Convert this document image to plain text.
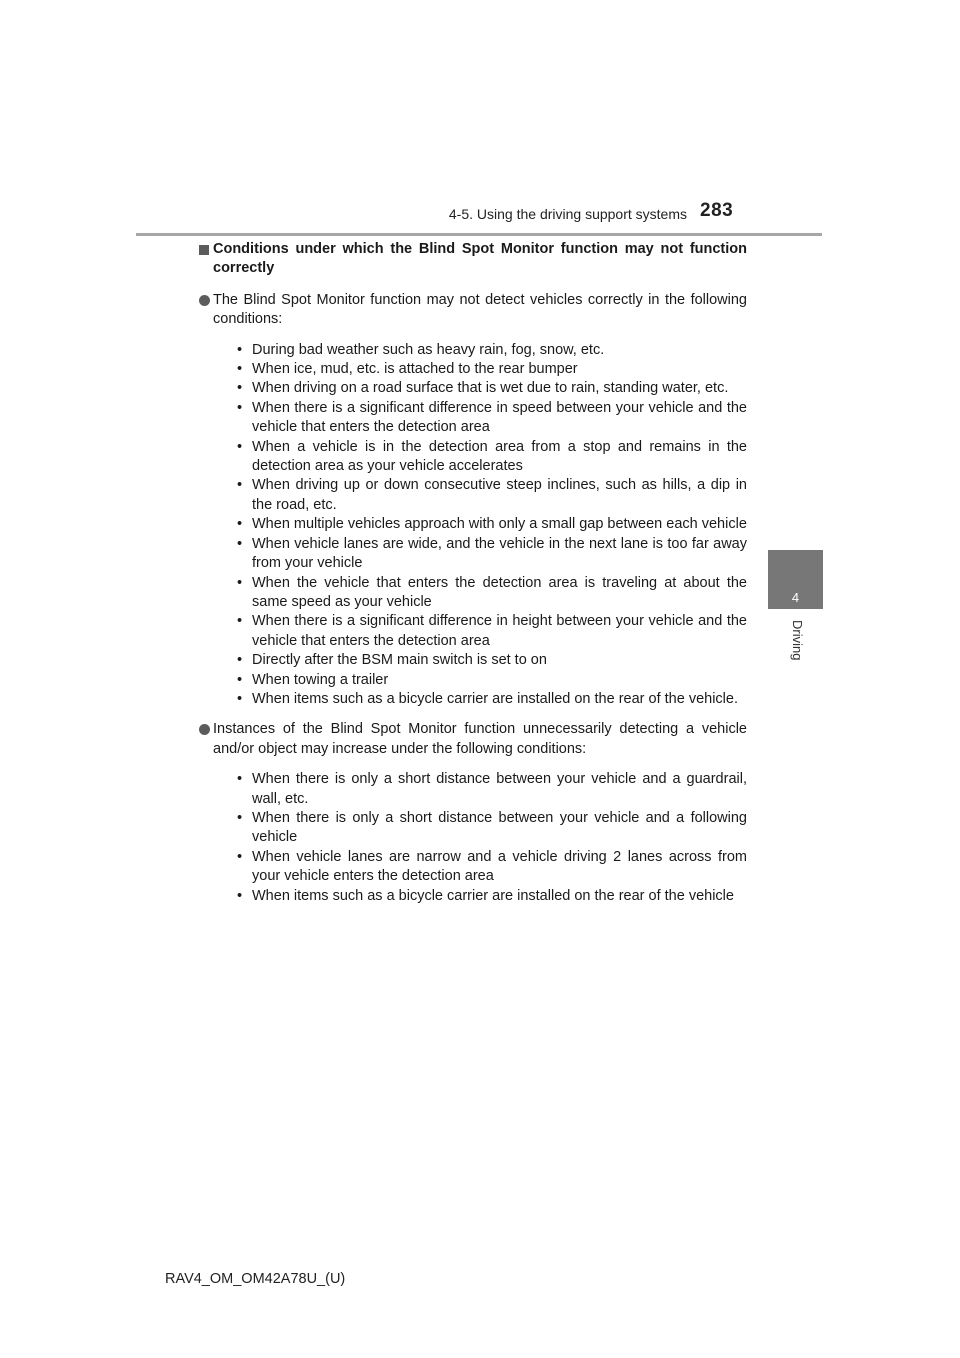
4-5. Using the driving support systems 283
4
Driving
Conditions under which the Blind Spot Monitor function may not function correctly
The Blind Spot Monitor function may not detect vehicles correctly in the following conditions:
• During bad weather such as heavy rain, fog, snow, etc.
• When ice, mud, etc. is attached to the rear bumper
• When driving on a road surface that is wet due to rain, standing water, etc.
• When there is a significant difference in speed between your vehicle and the vehicle that enters the detection area
• When a vehicle is in the detection area from a stop and remains in the detection area as your vehicle accelerates
• When driving up or down consecutive steep inclines, such as hills, a dip in the road, etc.
• When multiple vehicles approach with only a small gap between each vehicle
• When vehicle lanes are wide, and the vehicle in the next lane is too far away from your vehicle
• When the vehicle that enters the detection area is traveling at about the same speed as your vehicle
• When there is a significant difference in height between your vehicle and the vehicle that enters the detection area
• Directly after the BSM main switch is set to on
• When towing a trailer
• When items such as a bicycle carrier are installed on the rear of the vehicle.
Instances of the Blind Spot Monitor function unnecessarily detecting a vehicle and/or object may increase under the following conditions:
• When there is only a short distance between your vehicle and a guardrail, wall, etc.
• When there is only a short distance between your vehicle and a following vehicle
• When vehicle lanes are narrow and a vehicle driving 2 lanes across from your vehicle enters the detection area
• When items such as a bicycle carrier are installed on the rear of the vehicle
RAV4_OM_OM42A78U_(U)
